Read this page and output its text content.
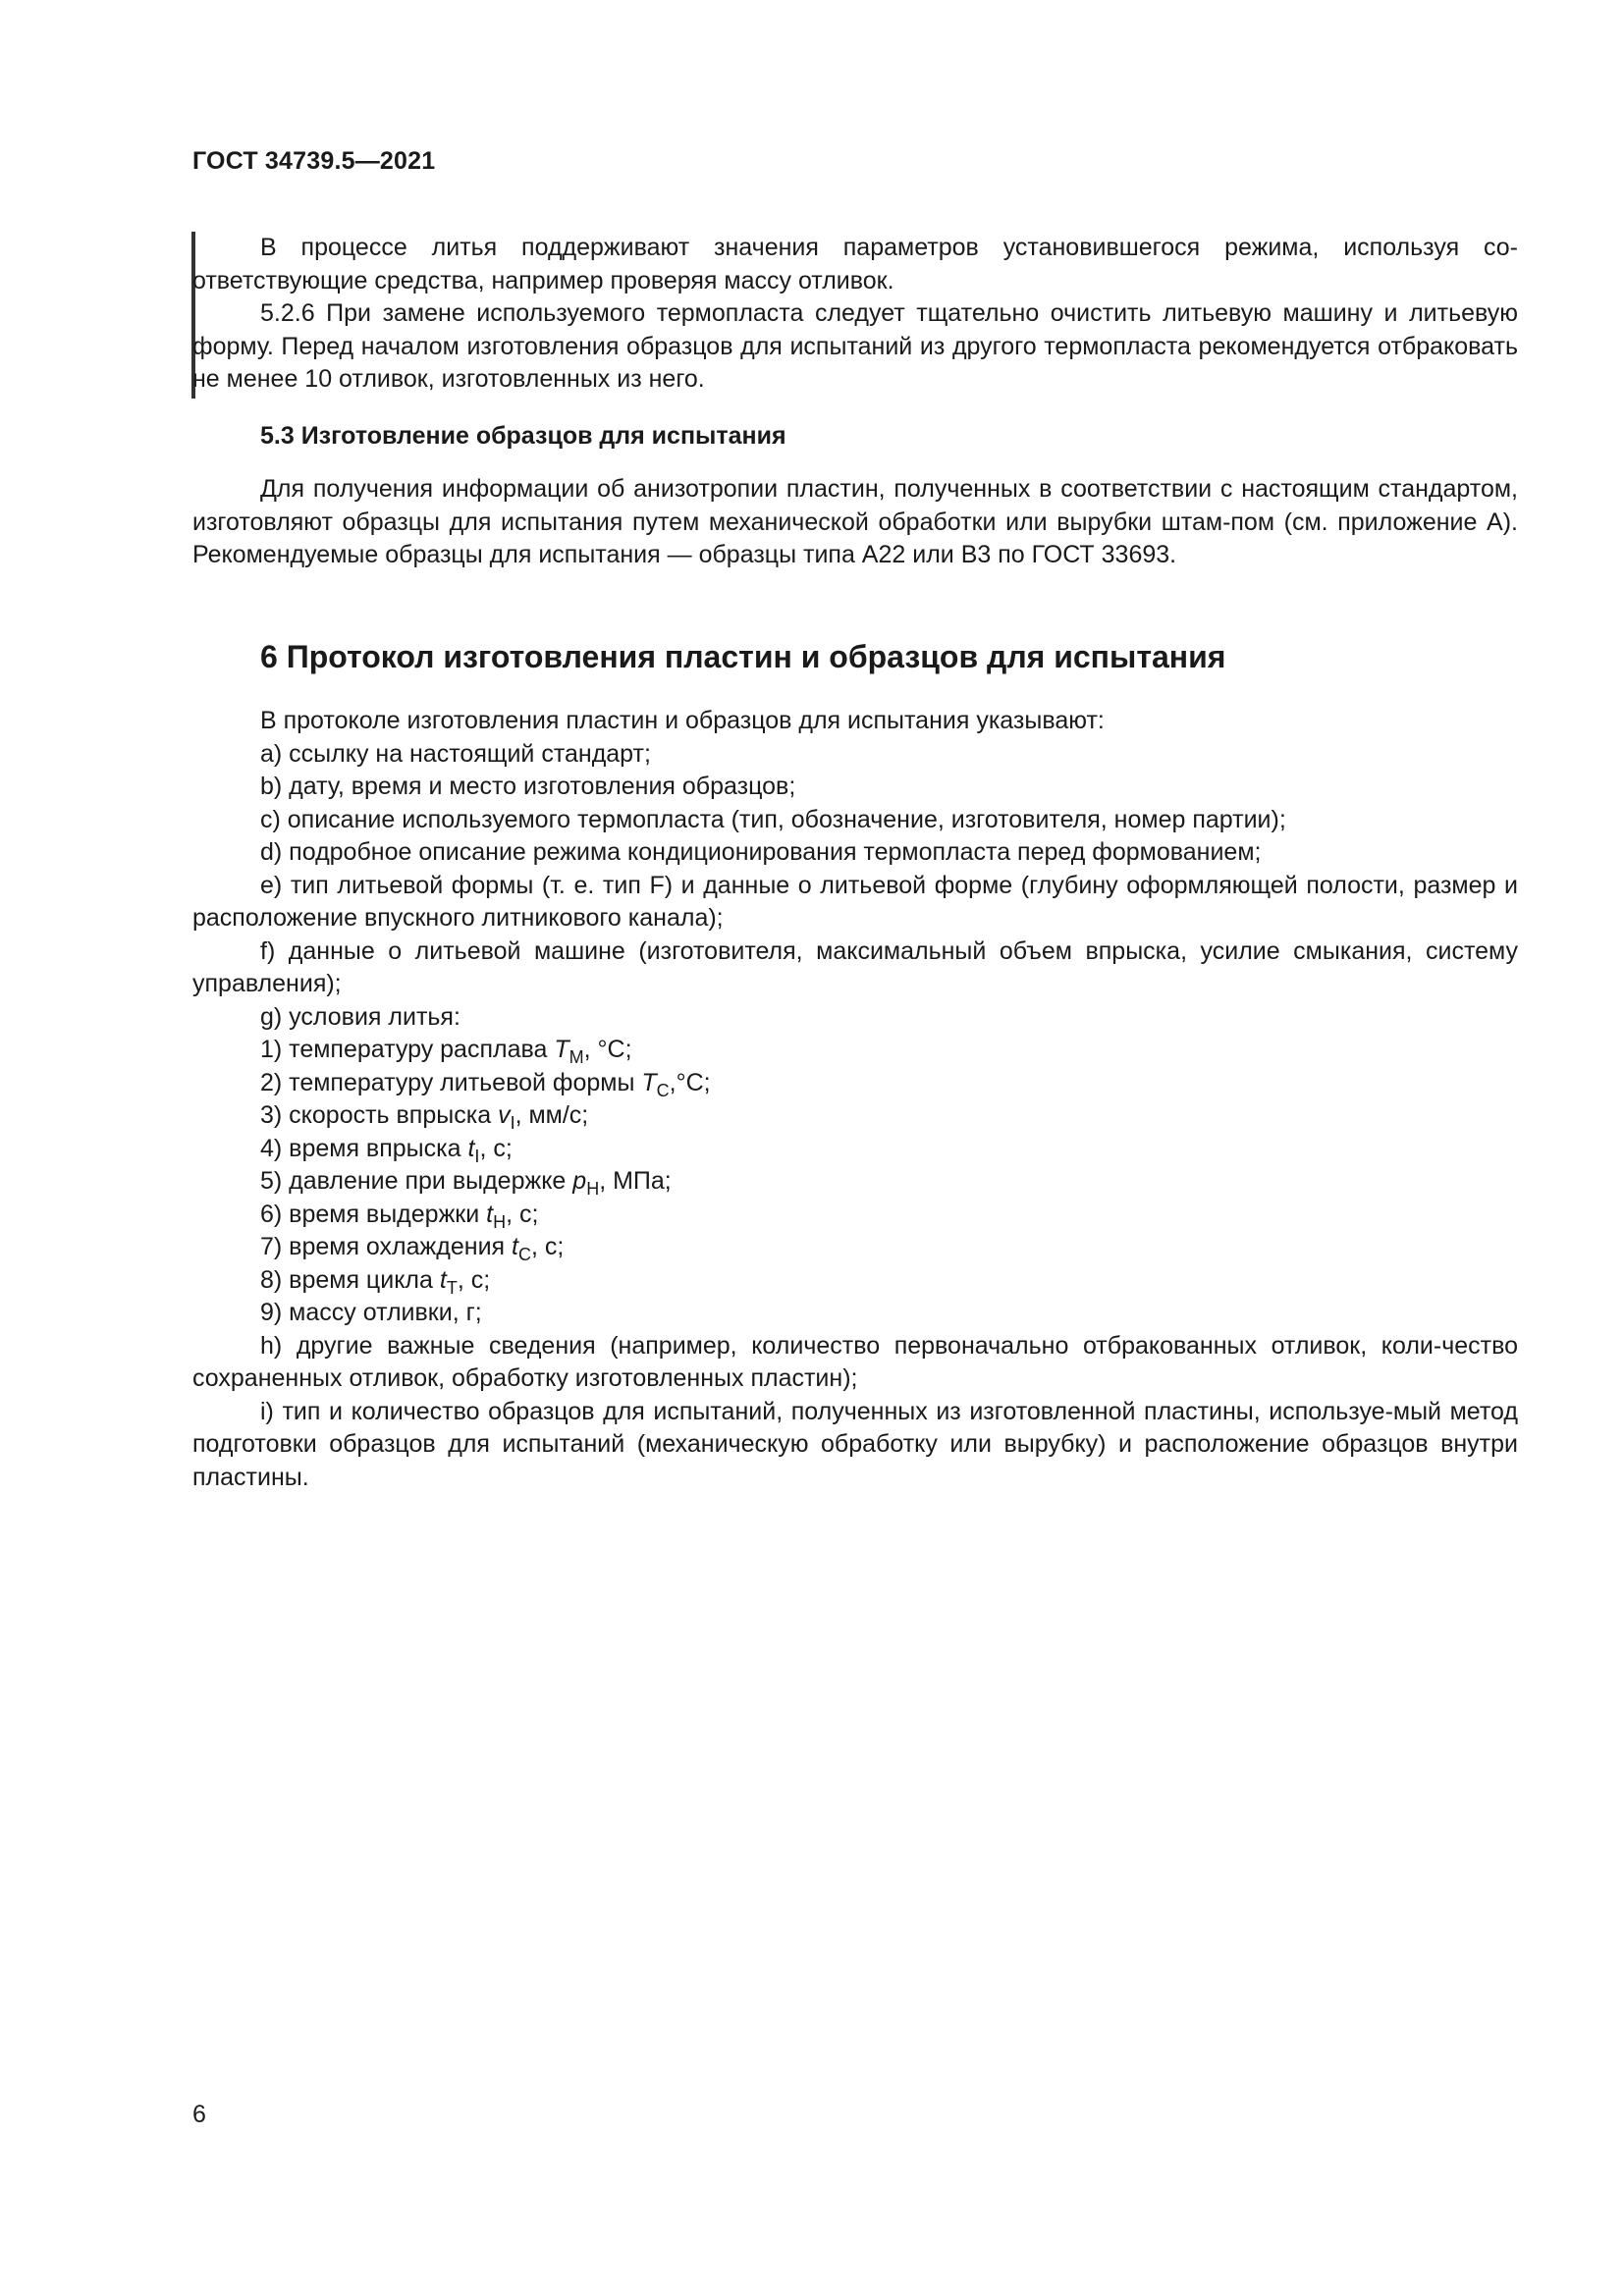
ГОСТ 34739.5—2021

В процессе литья поддерживают значения параметров установившегося режима, используя со-ответствующие средства, например проверяя массу отливок.

5.2.6 При замене используемого термопласта следует тщательно очистить литьевую машину и литьевую форму. Перед началом изготовления образцов для испытаний из другого термопласта рекомендуется отбраковать не менее 10 отливок, изготовленных из него.

5.3 Изготовление образцов для испытания

Для получения информации об анизотропии пластин, полученных в соответствии с настоящим стандартом, изготовляют образцы для испытания путем механической обработки или вырубки штам-пом (см. приложение А). Рекомендуемые образцы для испытания — образцы типа А22 или В3 по ГОСТ 33693.

6 Протокол изготовления пластин и образцов для испытания

В протоколе изготовления пластин и образцов для испытания указывают:

a) ссылку на настоящий стандарт;

b) дату, время и место изготовления образцов;

c) описание используемого термопласта (тип, обозначение, изготовителя, номер партии);

d) подробное описание режима кондиционирования термопласта перед формованием;

e) тип литьевой формы (т. е. тип F) и данные о литьевой форме (глубину оформляющей полости, размер и расположение впускного литникового канала);

f) данные о литьевой машине (изготовителя, максимальный объем впрыска, усилие смыкания, систему управления);

g) условия литья:

1) температуру расплава $T_M$, °C;

2) температуру литьевой формы $T_C,^\circ C$;

3) скорость впрыска $v_I$, мм/с;

4) время впрыска $t_I$, с;

5) давление при выдержке $p_H$, МПа;

6) время выдержки $t_H$, с;

7) время охлаждения $t_C$, с;

8) время цикла $t_T$, с;

9) массу отливки, г;

h) другие важные сведения (например, количество первоначально отбракованных отливок, коли-чество сохраненных отливок, обработку изготовленных пластин);

i) тип и количество образцов для испытаний, полученных из изготовленной пластины, используе-мый метод подготовки образцов для испытаний (механическую обработку или вырубку) и расположение образцов внутри пластины.

6
